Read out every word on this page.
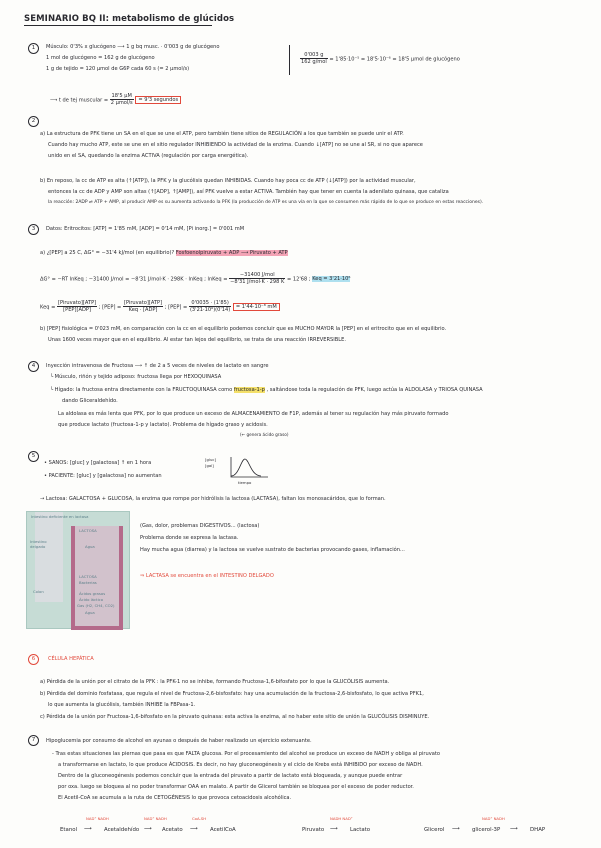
SEMINARIO BQ II: metabolismo de glúcidos
1	Músculo: 0'3% x glucógeno ⟶ 1 g bq musc. · 0'003 g de glucógeno
1 mol de glucógeno = 162 g de glucógeno
1 g de tejido = 120 μmol de G6P cada 60 s (= 2 μmol/s)
$\frac{0'003 g}{\text{162 g/mol}} = 1'85\cdot 10^{-5} = 18'5\cdot 10^{-6} = 18'5$ μmol de glucógeno
⟶ t de tej muscular = $\frac{18'5 \mu M}{\text{2 μmol/s}} = 9'3$ segundos
2
a) La estructura de PFK tiene un SA en el que se une el ATP, pero también tiene sitios de REGULACIÓN a los que también se puede unir el ATP.
Cuando hay mucho ATP, este se une en el sitio regulador INHIBIENDO la actividad de la enzima. Cuando ↓[ATP] no se une al SR, si no que aparece
unido en el SA, quedando la enzima ACTIVA (regulación por carga energética).
b) En reposo, la cc de ATP es alta (↑[ATP]), la PFK y la glucólisis quedan INHIBIDAS. Cuando hay poca cc de ATP (↓[ATP]) por la actividad muscular,
entonces la cc de ADP y AMP son altas (↑[ADP], ↑[AMP]), así PFK vuelve a estar ACTIVA. También hay que tener en cuenta la adenilato quinasa, que cataliza
la reacción: 2ADP ⇌ ATP + AMP, al producir AMP es su aumenta activando la PFK (la producción de ATP es una vía en la que se consumen más rápido de lo que se produce en estas reacciones).
3	Datos: Eritrocitos: [ATP] = 1'85 mM, [ADP] = 0'14 mM, [Pi inorg.] = 0'001 mM
a) ¿[PEP] a 25 C, ΔG° = −31'4 kJ/mol (en equilibrio)? Fosfoenolpiruvato + ADP ⟶ Piruvato + ATP
ΔG° = −RT lnKeq ; −31400 J/mol = −8'31 J/mol·K · 298K · lnKeq ; lnKeq = $\frac{\text{−31400 J/mol}}{\text{−8'31 J/mol·K · 298 K}} = 12'68$ ; Keq = 3'21·10⁶
Keq = $\frac{\text{[Piruvato][ATP]}}{\text{[PEP][ADP]}}$ ; $[PEP] = \frac{\text{[Piruvato][ATP]}}{\text{Keq · [ADP]}}$ ; $[PEP] = \frac{0'0035 \cdot (1'85)}{\text{(3'21·10⁶)(0'14)}} = 1'44\cdot 10^{-8}$ mM
b) [PEP] fisiológica = 0'023 mM, en comparación con la cc en el equilibrio podemos concluir que es MUCHO MAYOR la [PEP] en el eritrocito que en el equilibrio.
Unas 1600 veces mayor que en el equilibrio. Al estar tan lejos del equilibrio, se trata de una reacción IRREVERSIBLE.
4	Inyección intravenosa de Fructosa ⟶ ↑ de 2 a 5 veces de niveles de lactato en sangre
└ Músculo, riñón y tejido adiposo: fructosa llega por HEXOQUINASA
└ Hígado: la fructosa entra directamente con la FRUCTOQUINASA como fructosa-1-p , saltándose toda la regulación de PFK, luego actúa la ALDOLASA y TRIOSA QUINASA
dando Gliceraldehído.
La aldolasa es más lenta que PFK, por lo que produce un exceso de ALMACENAMIENTO de F1P, además al tener su regulación hay más piruvato formado
que produce lactato (fructosa-1-p y lactato). Problema de hígado graso y acidosis.
(← genera ácido graso)
5
• SANOS: [gluc] y [galactosa] ↑ en 1 hora
• PACIENTE: [gluc] y [galactosa] no aumentan
[gluc]
[gal]
tiempo
→ Lactosa: GALACTOSA + GLUCOSA, la enzima que rompe por hidrólisis la lactosa (LACTASA), faltan los monosacáridos, que lo forman.
Intestino deficiente en lactasa
LACTOSA
Agua
Intestino delgado
LACTOSA
Bacterias
Ácidos grasos
Ácido láctico
Gas (H2, CH4, CO2)
Agua
Colon
(Gas, dolor, problemas DIGESTIVOS... (lactosa)
Problema donde se expresa la lactasa.
Hay mucha agua (diarrea) y la lactosa se vuelve sustrato de bacterias provocando gases, inflamación...
⇒ LACTASA se encuentra en el INTESTINO DELGADO
6	CÉLULA HEPÁTICA
a) Pérdida de la unión por el citrato de la PFK : la PFK-1 no se inhibe, formando Fructosa-1,6-bifosfato por lo que la GLUCÓLISIS aumenta.
b) Pérdida del dominio fosfatasa, que regula el nivel de Fructosa-2,6-bisfosfato: hay una acumulación de la fructosa-2,6-bisfosfato, lo que activa PFK1,
lo que aumenta la glucólisis, también INHIBE la FBPasa-1.
c) Pérdida de la unión por Fructosa-1,6-bifosfato en la piruvato quinasa: esta activa la enzima, al no haber este sitio de unión la GLUCÓLISIS DISMINUYE.
7	Hipoglucemia por consumo de alcohol en ayunas o después de haber realizado un ejercicio extenuante.
- Tras estas situaciones las piernas que pasa es que FALTA glucosa. Por el procesamiento del alcohol se produce un exceso de NADH y obliga al piruvato
a transformarse en lactato, lo que produce ÁCIDOSIS. Es decir, no hay gluconeogénesis y el ciclo de Krebs está INHIBIDO por exceso de NADH.
Dentro de la gluconeogénesis podemos concluir que la entrada del piruvato a partir de lactato está bloqueada, y aunque puede entrar
por oxa. luego se bloquea al no poder transformar OAA en malato. A partir de Glicerol también se bloquea por el exceso de poder reductor.
El Acetil-CoA se acumula a la ruta de CETOGÉNESIS lo que provoca cetoacidosis alcohólica.
Etanol
NAD⁺ NADH
⟶ Acetaldehído
NAD⁺ NADH
⟶ Acetato
CoA-SH
⟶ AcetilCoA	Piruvato
NADH NAD⁺
⟶ Lactato	Glicerol
NAD⁺ NADH
⟶ glicerol-3P ⟶ DHAP
